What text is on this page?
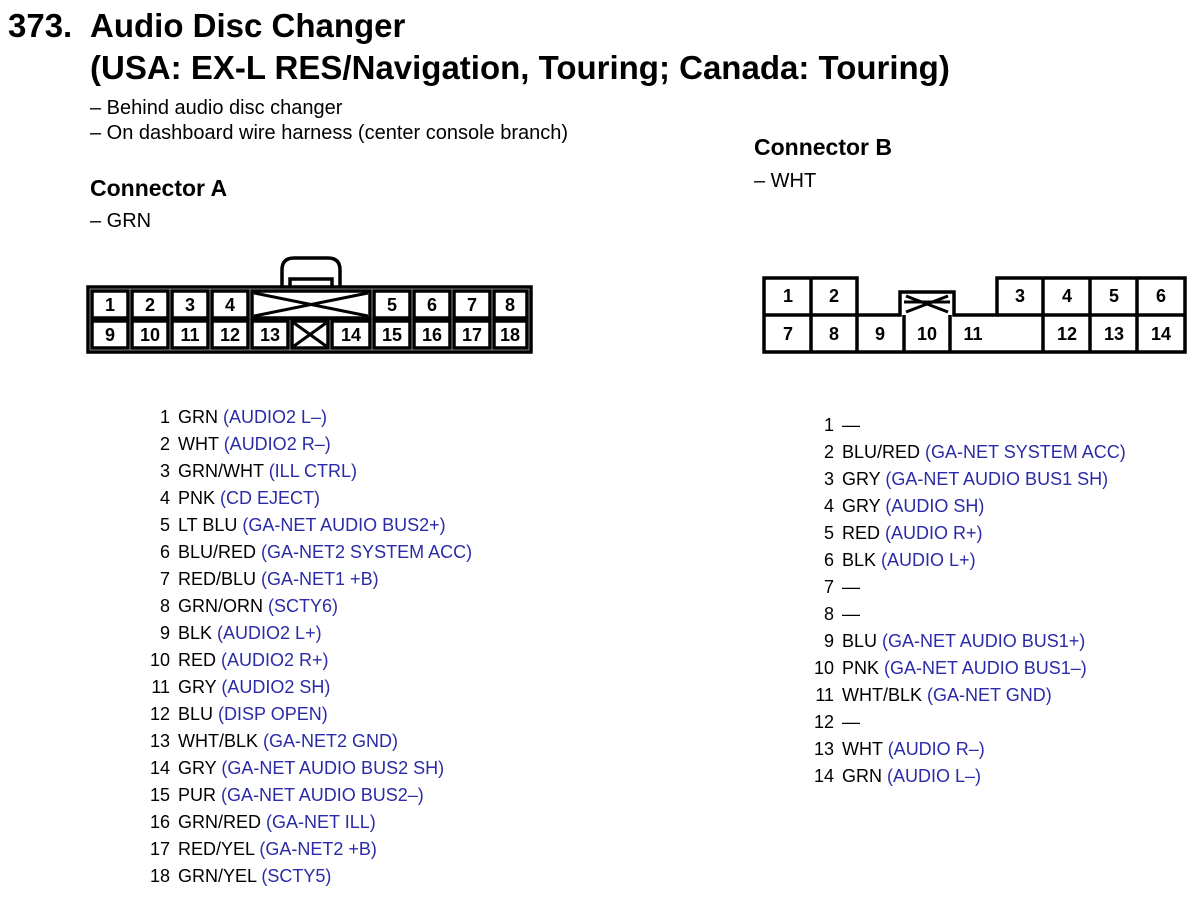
373. Audio Disc Changer
(USA: EX-L RES/Navigation, Touring; Canada: Touring)
– Behind audio disc changer
– On dashboard wire harness (center console branch)
Connector A
– GRN
Connector B
– WHT
1 2 3 4	5 6 7 8
9 10 11 12 13	14 15 16 17 18
1 2	3 4 5 6
7 8 9 10 11	12 13 14
1 GRN (AUDIO2 L–)
2 WHT (AUDIO2 R–)
3 GRN/WHT (ILL CTRL)
4 PNK (CD EJECT)
5 LT BLU (GA-NET AUDIO BUS2+)
6 BLU/RED (GA-NET2 SYSTEM ACC)
7 RED/BLU (GA-NET1 +B)
8 GRN/ORN (SCTY6)
9 BLK (AUDIO2 L+)
10 RED (AUDIO2 R+)
11 GRY (AUDIO2 SH)
12 BLU (DISP OPEN)
13 WHT/BLK (GA-NET2 GND)
14 GRY (GA-NET AUDIO BUS2 SH)
15 PUR (GA-NET AUDIO BUS2–)
16 GRN/RED (GA-NET ILL)
17 RED/YEL (GA-NET2 +B)
18 GRN/YEL (SCTY5)
1 —
2 BLU/RED (GA-NET SYSTEM ACC)
3 GRY (GA-NET AUDIO BUS1 SH)
4 GRY (AUDIO SH)
5 RED (AUDIO R+)
6 BLK (AUDIO L+)
7 —
8 —
9 BLU (GA-NET AUDIO BUS1+)
10 PNK (GA-NET AUDIO BUS1–)
11 WHT/BLK (GA-NET GND)
12 —
13 WHT (AUDIO R–)
14 GRN (AUDIO L–)
